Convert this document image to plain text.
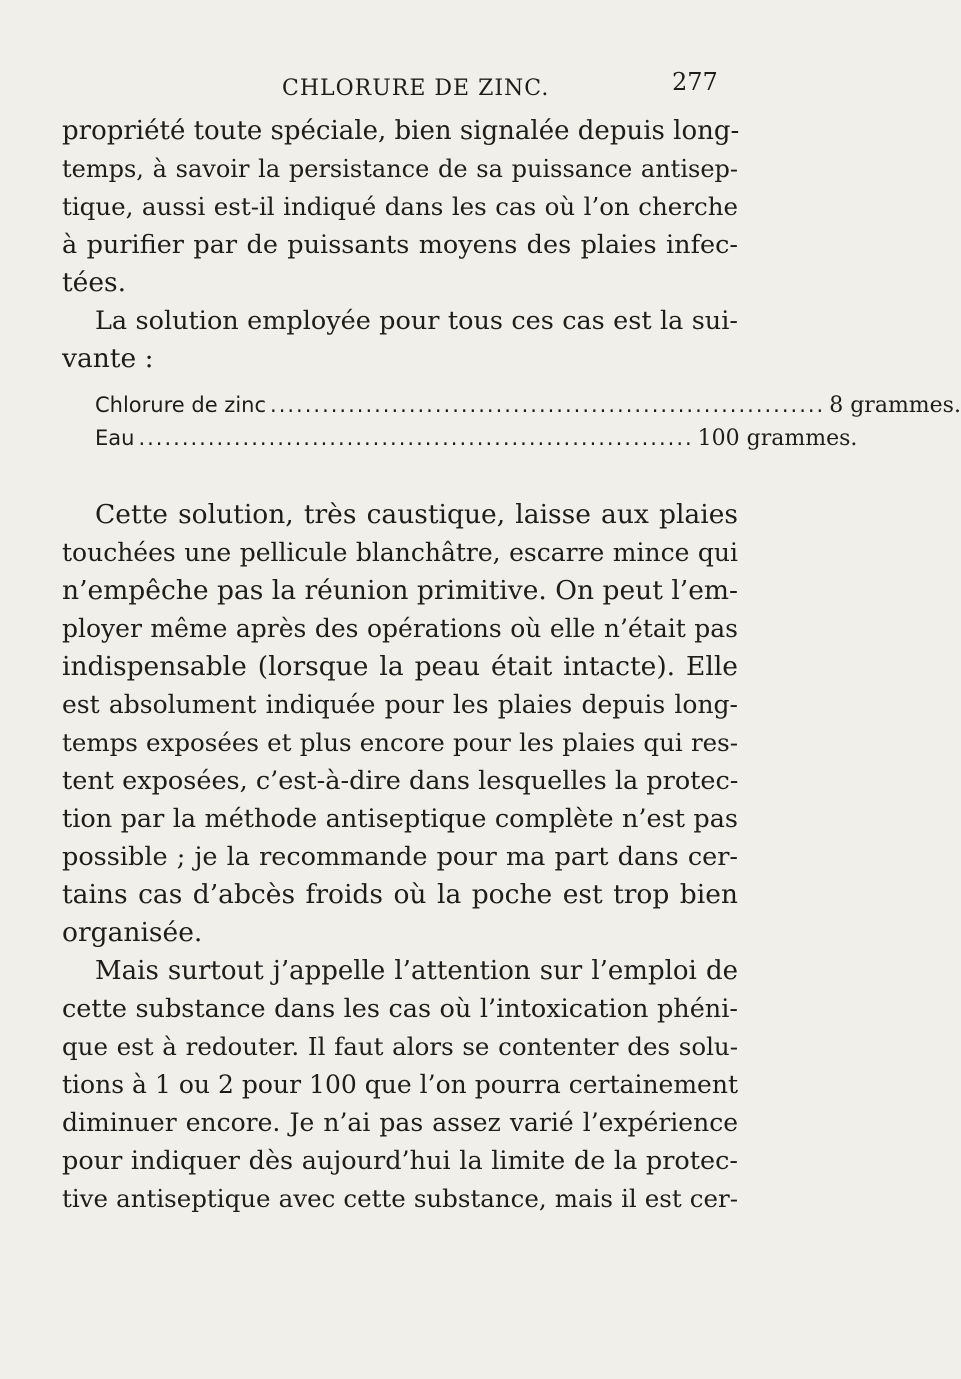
CHLORURE DE ZINC.	277
propriété toute spéciale, bien signalée depuis long-
temps, à savoir la persistance de sa puissance antisep-
tique, aussi est-il indiqué dans les cas où l’on cherche
à purifier par de puissants moyens des plaies infec-
tées.
La solution employée pour tous ces cas est la sui-
vante :
Chlorure de zinc ................................................................ 8 grammes.
Eau ................................................................ 100 grammes.
Cette solution, très caustique, laisse aux plaies
touchées une pellicule blanchâtre, escarre mince qui
n’empêche pas la réunion primitive. On peut l’em-
ployer même après des opérations où elle n’était pas
indispensable (lorsque la peau était intacte). Elle
est absolument indiquée pour les plaies depuis long-
temps exposées et plus encore pour les plaies qui res-
tent exposées, c’est-à-dire dans lesquelles la protec-
tion par la méthode antiseptique complète n’est pas
possible ; je la recommande pour ma part dans cer-
tains cas d’abcès froids où la poche est trop bien
organisée.
Mais surtout j’appelle l’attention sur l’emploi de
cette substance dans les cas où l’intoxication phéni-
que est à redouter. Il faut alors se contenter des solu-
tions à 1 ou 2 pour 100 que l’on pourra certainement
diminuer encore. Je n’ai pas assez varié l’expérience
pour indiquer dès aujourd’hui la limite de la protec-
tive antiseptique avec cette substance, mais il est cer-
